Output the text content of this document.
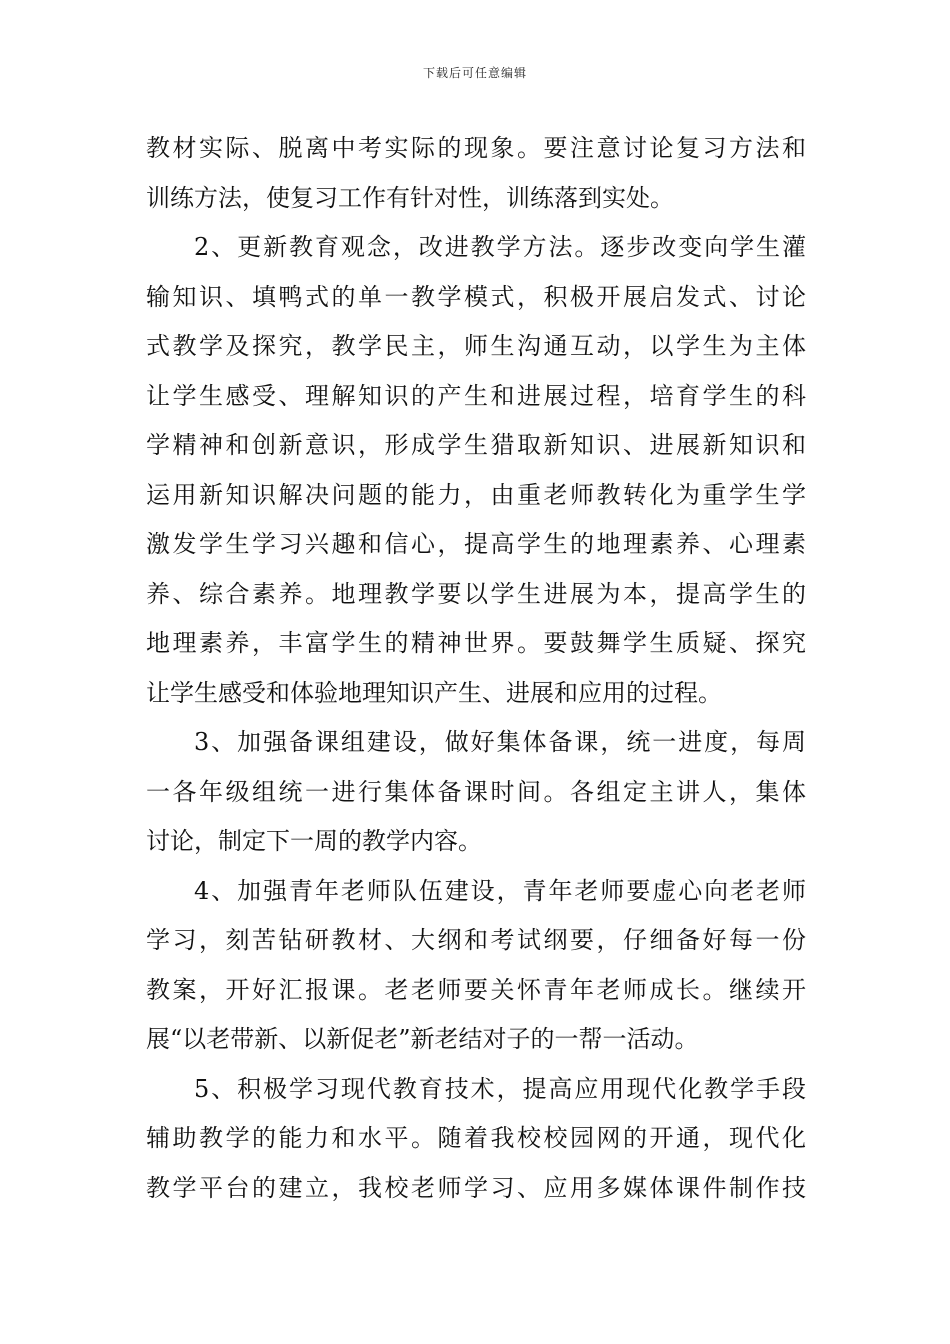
下载后可任意编辑
教材实际、脱离中考实际的现象。要注意讨论复习方法和
训练方法，使复习工作有针对性，训练落到实处。
2、更新教育观念，改进教学方法。逐步改变向学生灌
输知识、填鸭式的单一教学模式，积极开展启发式、讨论
式教学及探究，教学民主，师生沟通互动，以学生为主体
让学生感受、理解知识的产生和进展过程，培育学生的科
学精神和创新意识，形成学生猎取新知识、进展新知识和
运用新知识解决问题的能力，由重老师教转化为重学生学
激发学生学习兴趣和信心，提高学生的地理素养、心理素
养、综合素养。地理教学要以学生进展为本，提高学生的
地理素养，丰富学生的精神世界。要鼓舞学生质疑、探究
让学生感受和体验地理知识产生、进展和应用的过程。
3、加强备课组建设，做好集体备课，统一进度，每周
一各年级组统一进行集体备课时间。各组定主讲人，集体
讨论，制定下一周的教学内容。
4、加强青年老师队伍建设，青年老师要虚心向老老师
学习，刻苦钻研教材、大纲和考试纲要，仔细备好每一份
教案，开好汇报课。老老师要关怀青年老师成长。继续开
展“以老带新、以新促老”新老结对子的一帮一活动。
5、积极学习现代教育技术，提高应用现代化教学手段
辅助教学的能力和水平。随着我校校园网的开通，现代化
教学平台的建立，我校老师学习、应用多媒体课件制作技
